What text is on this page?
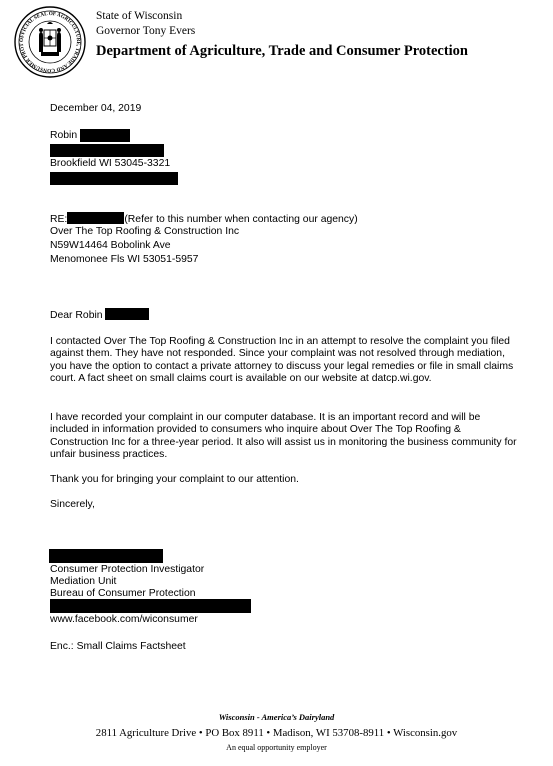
OFFICIAL SEAL OF AGRICULTURE, TRADE AND CONSUMER PROT
State of Wisconsin
Governor Tony Evers
Department of Agriculture, Trade and Consumer Protection
December 04, 2019
Robin
Brookfield WI 53045-3321
RE:	(Refer to this number when contacting our agency)
Over The Top Roofing & Construction Inc
N59W14464 Bobolink Ave
Menomonee Fls WI 53051-5957
Dear Robin
I contacted Over The Top Roofing & Construction Inc in an attempt to resolve the complaint you filed against them. They have not responded. Since your complaint was not resolved through mediation, you have the option to contact a private attorney to discuss your legal remedies or file in small claims court. A fact sheet on small claims court is available on our website at datcp.wi.gov.
I have recorded your complaint in our computer database. It is an important record and will be included in information provided to consumers who inquire about Over The Top Roofing & Construction Inc for a three-year period. It also will assist us in monitoring the business community for unfair business practices.
Thank you for bringing your complaint to our attention.
Sincerely,
Consumer Protection Investigator
Mediation Unit
Bureau of Consumer Protection
www.facebook.com/wiconsumer
Enc.: Small Claims Factsheet
Wisconsin - America’s Dairyland
2811 Agriculture Drive • PO Box 8911 • Madison, WI 53708-8911 • Wisconsin.gov
An equal opportunity employer
